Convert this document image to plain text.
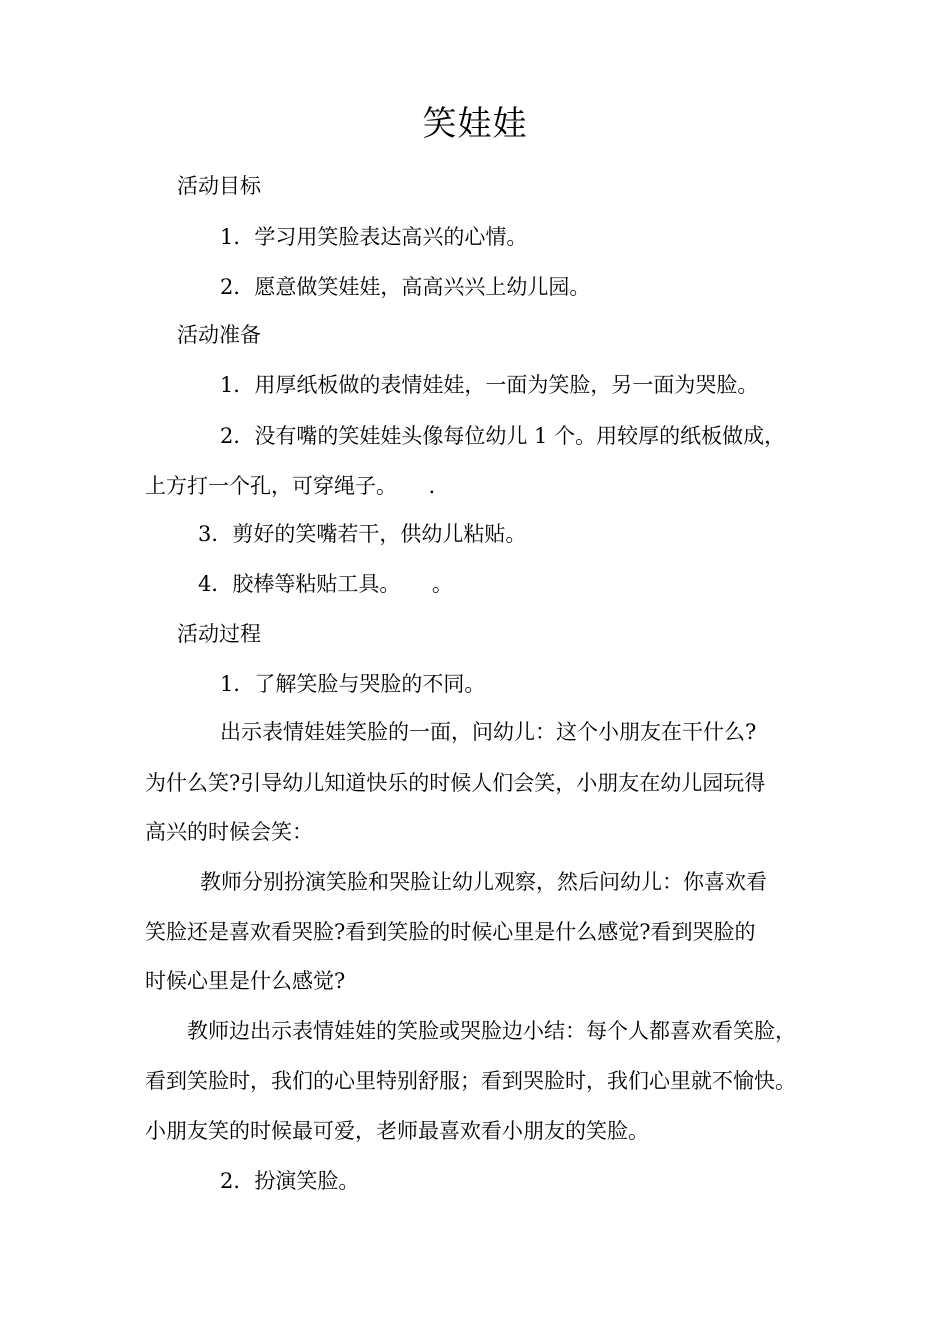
笑娃娃
活动目标
1．学习用笑脸表达高兴的心情。
2．愿意做笑娃娃，高高兴兴上幼儿园。
活动准备
1．用厚纸板做的表情娃娃，一面为笑脸，另一面为哭脸。
2．没有嘴的笑娃娃头像每位幼儿 1 个。用较厚的纸板做成，
上方打一个孔，可穿绳子。　　.
3．剪好的笑嘴若干，供幼儿粘贴。
4．胶棒等粘贴工具。　　。
活动过程
1．了解笑脸与哭脸的不同。
出示表情娃娃笑脸的一面，问幼儿：这个小朋友在干什么?
为什么笑?引导幼儿知道快乐的时候人们会笑，小朋友在幼儿园玩得
高兴的时候会笑：
教师分别扮演笑脸和哭脸让幼儿观察，然后问幼儿：你喜欢看
笑脸还是喜欢看哭脸?看到笑脸的时候心里是什么感觉?看到哭脸的
时候心里是什么感觉?
教师边出示表情娃娃的笑脸或哭脸边小结：每个人都喜欢看笑脸，
看到笑脸时，我们的心里特别舒服；看到哭脸时，我们心里就不愉快。
小朋友笑的时候最可爱，老师最喜欢看小朋友的笑脸。
2．扮演笑脸。
